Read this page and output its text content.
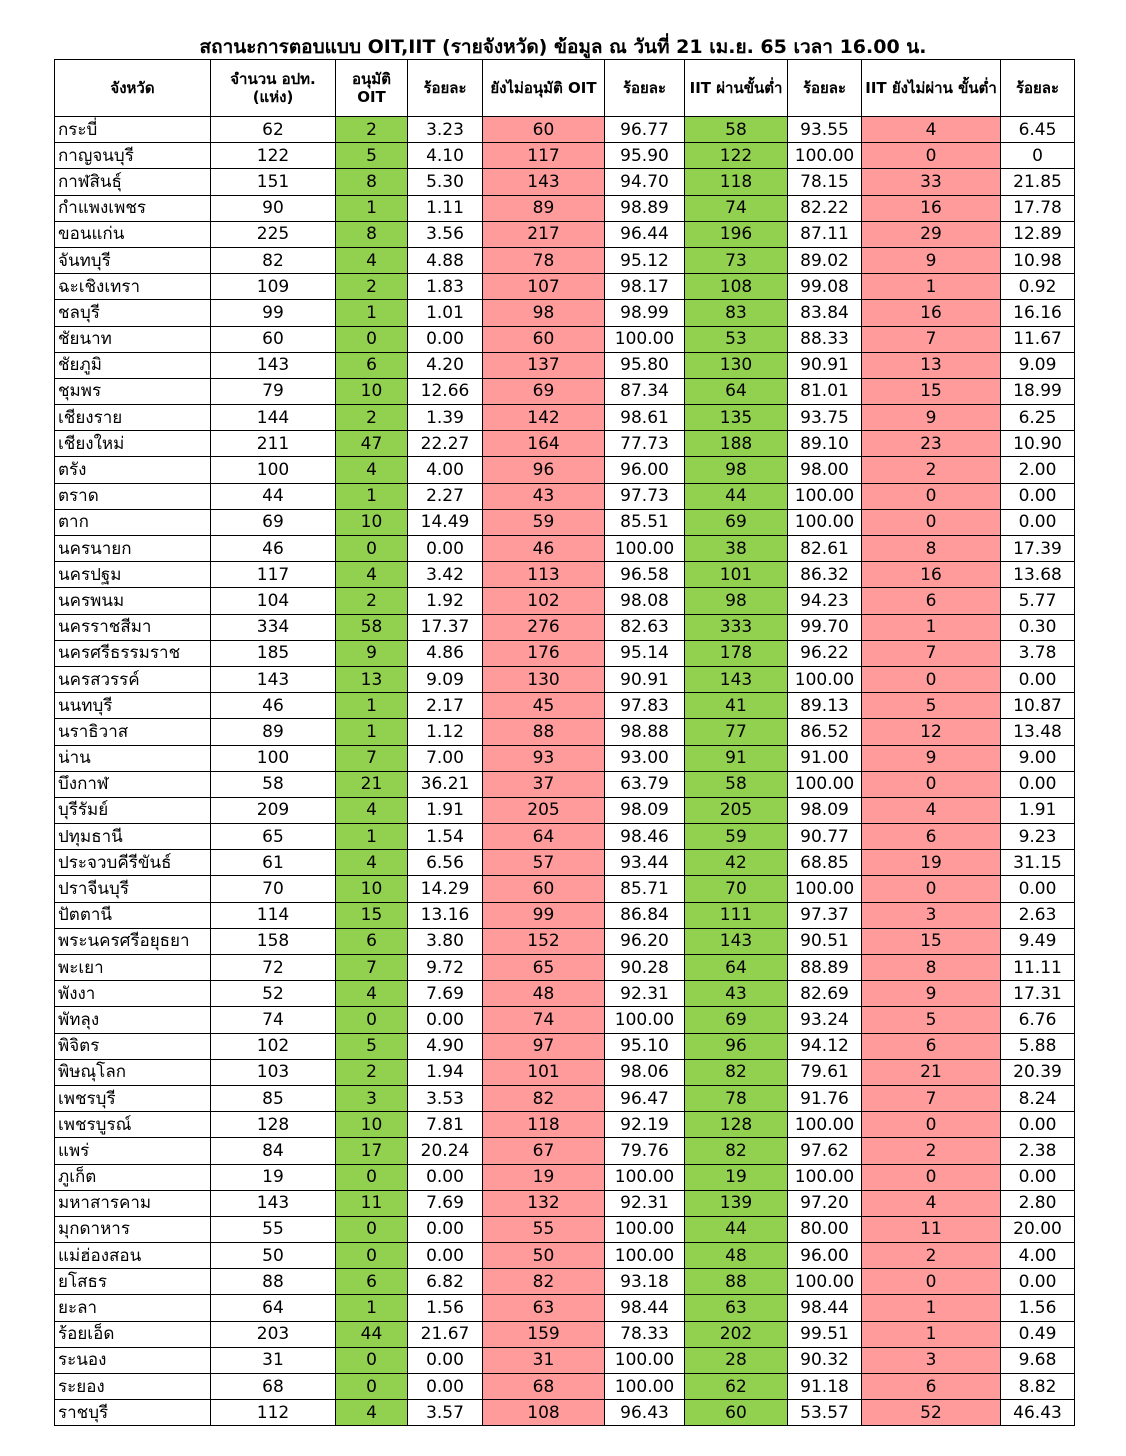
สถานะการตอบแบบ OIT,IIT (รายจังหวัด) ข้อมูล ณ วันที่ 21 เม.ย. 65 เวลา 16.00 น.
จังหวัด	จำนวน อปท. (แห่ง)	อนุมัติ OIT	ร้อยละ	ยังไม่อนุมัติ OIT	ร้อยละ	IIT ผ่านขั้นต่ำ	ร้อยละ	IIT ยังไม่ผ่าน ขั้นต่ำ	ร้อยละ
กระบี่	62	2	3.23	60	96.77	58	93.55	4	6.45
กาญจนบุรี	122	5	4.10	117	95.90	122	100.00	0	0
กาฬสินธุ์	151	8	5.30	143	94.70	118	78.15	33	21.85
กำแพงเพชร	90	1	1.11	89	98.89	74	82.22	16	17.78
ขอนแก่น	225	8	3.56	217	96.44	196	87.11	29	12.89
จันทบุรี	82	4	4.88	78	95.12	73	89.02	9	10.98
ฉะเชิงเทรา	109	2	1.83	107	98.17	108	99.08	1	0.92
ชลบุรี	99	1	1.01	98	98.99	83	83.84	16	16.16
ชัยนาท	60	0	0.00	60	100.00	53	88.33	7	11.67
ชัยภูมิ	143	6	4.20	137	95.80	130	90.91	13	9.09
ชุมพร	79	10	12.66	69	87.34	64	81.01	15	18.99
เชียงราย	144	2	1.39	142	98.61	135	93.75	9	6.25
เชียงใหม่	211	47	22.27	164	77.73	188	89.10	23	10.90
ตรัง	100	4	4.00	96	96.00	98	98.00	2	2.00
ตราด	44	1	2.27	43	97.73	44	100.00	0	0.00
ตาก	69	10	14.49	59	85.51	69	100.00	0	0.00
นครนายก	46	0	0.00	46	100.00	38	82.61	8	17.39
นครปฐม	117	4	3.42	113	96.58	101	86.32	16	13.68
นครพนม	104	2	1.92	102	98.08	98	94.23	6	5.77
นครราชสีมา	334	58	17.37	276	82.63	333	99.70	1	0.30
นครศรีธรรมราช	185	9	4.86	176	95.14	178	96.22	7	3.78
นครสวรรค์	143	13	9.09	130	90.91	143	100.00	0	0.00
นนทบุรี	46	1	2.17	45	97.83	41	89.13	5	10.87
นราธิวาส	89	1	1.12	88	98.88	77	86.52	12	13.48
น่าน	100	7	7.00	93	93.00	91	91.00	9	9.00
บึงกาฬ	58	21	36.21	37	63.79	58	100.00	0	0.00
บุรีรัมย์	209	4	1.91	205	98.09	205	98.09	4	1.91
ปทุมธานี	65	1	1.54	64	98.46	59	90.77	6	9.23
ประจวบคีรีขันธ์	61	4	6.56	57	93.44	42	68.85	19	31.15
ปราจีนบุรี	70	10	14.29	60	85.71	70	100.00	0	0.00
ปัตตานี	114	15	13.16	99	86.84	111	97.37	3	2.63
พระนครศรีอยุธยา	158	6	3.80	152	96.20	143	90.51	15	9.49
พะเยา	72	7	9.72	65	90.28	64	88.89	8	11.11
พังงา	52	4	7.69	48	92.31	43	82.69	9	17.31
พัทลุง	74	0	0.00	74	100.00	69	93.24	5	6.76
พิจิตร	102	5	4.90	97	95.10	96	94.12	6	5.88
พิษณุโลก	103	2	1.94	101	98.06	82	79.61	21	20.39
เพชรบุรี	85	3	3.53	82	96.47	78	91.76	7	8.24
เพชรบูรณ์	128	10	7.81	118	92.19	128	100.00	0	0.00
แพร่	84	17	20.24	67	79.76	82	97.62	2	2.38
ภูเก็ต	19	0	0.00	19	100.00	19	100.00	0	0.00
มหาสารคาม	143	11	7.69	132	92.31	139	97.20	4	2.80
มุกดาหาร	55	0	0.00	55	100.00	44	80.00	11	20.00
แม่ฮ่องสอน	50	0	0.00	50	100.00	48	96.00	2	4.00
ยโสธร	88	6	6.82	82	93.18	88	100.00	0	0.00
ยะลา	64	1	1.56	63	98.44	63	98.44	1	1.56
ร้อยเอ็ด	203	44	21.67	159	78.33	202	99.51	1	0.49
ระนอง	31	0	0.00	31	100.00	28	90.32	3	9.68
ระยอง	68	0	0.00	68	100.00	62	91.18	6	8.82
ราชบุรี	112	4	3.57	108	96.43	60	53.57	52	46.43
